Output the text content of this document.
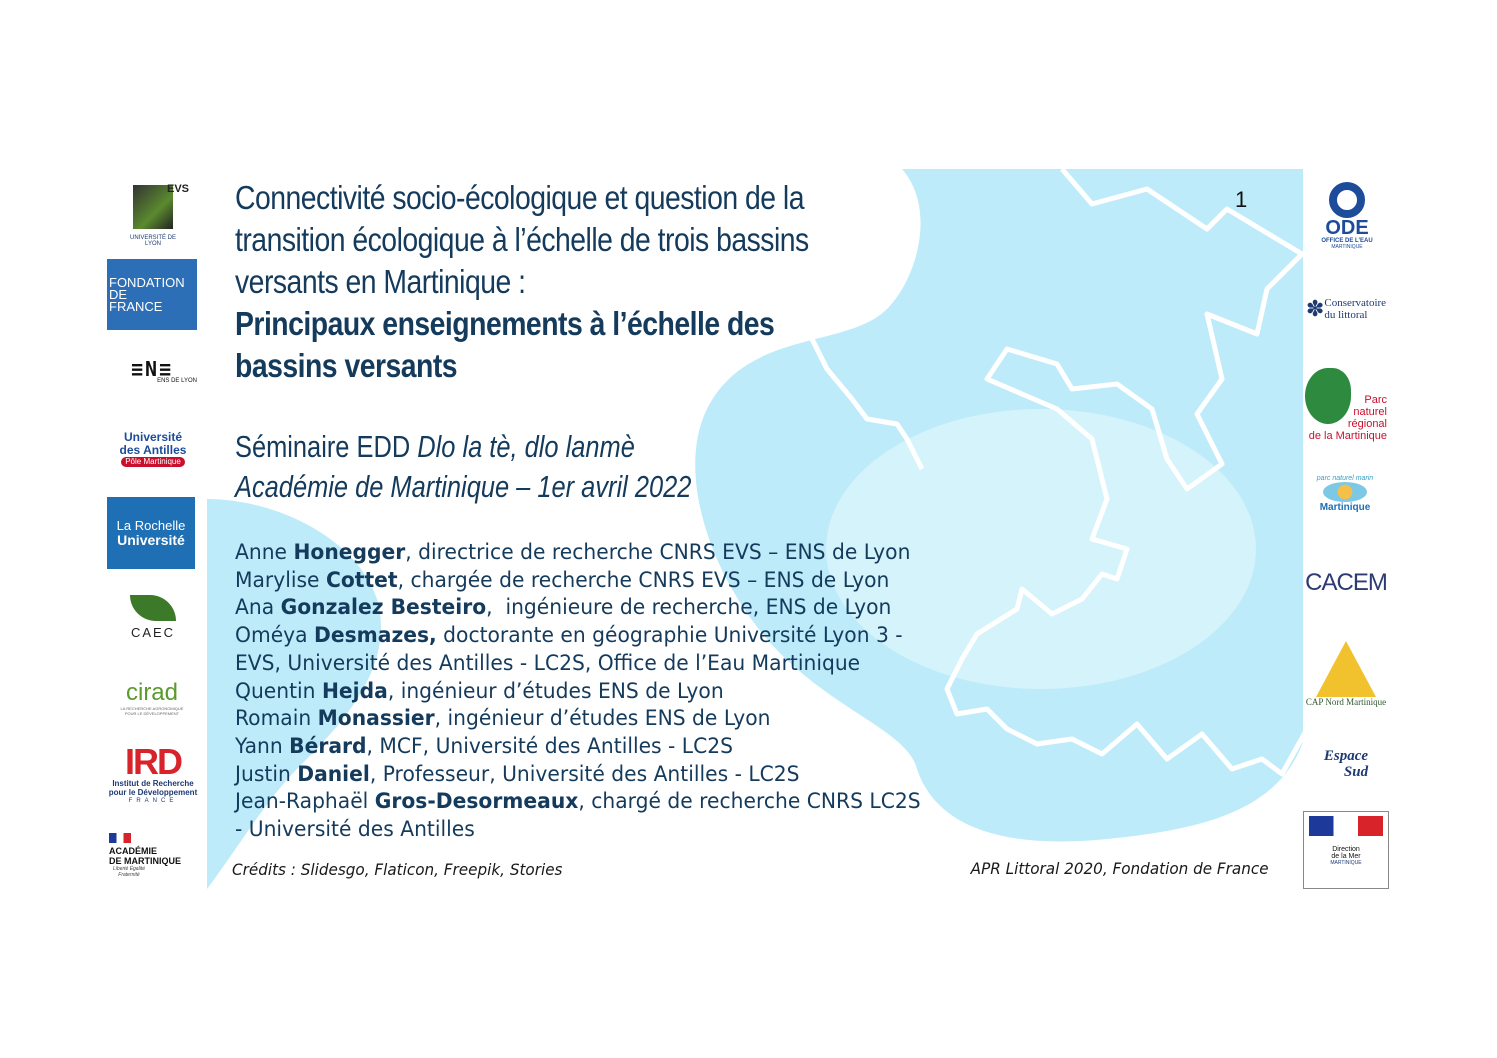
EVS
UNIVERSITÉ DE LYON
FONDATION
DE
FRANCE
≡N≡
ENS DE LYON
Université
des Antilles
Pôle Martinique
La Rochelle
Université
CAEC
cirad
LA RECHERCHE AGRONOMIQUE POUR LE DÉVELOPPEMENT
IRD
Institut de Recherche
pour le Développement
FRANCE
ACADÉMIE
DE MARTINIQUE
Liberté Égalité Fraternité
Connectivité socio-écologique et question de la
transition écologique à l’échelle de trois bassins
versants en Martinique :
Principaux enseignements à l’échelle des
bassins versants
1
Séminaire EDD Dlo la tè, dlo lanmè
Académie de Martinique – 1er avril 2022
Anne Honegger, directrice de recherche CNRS EVS – ENS de Lyon
Marylise Cottet, chargée de recherche CNRS EVS – ENS de Lyon
Ana Gonzalez Besteiro,  ingénieure de recherche, ENS de Lyon
Oméya Desmazes, doctorante en géographie Université Lyon 3 -
EVS, Université des Antilles - LC2S, Office de l’Eau Martinique
Quentin Hejda, ingénieur d’études ENS de Lyon
Romain Monassier, ingénieur d’études ENS de Lyon
Yann Bérard, MCF, Université des Antilles - LC2S
Justin Daniel, Professeur, Université des Antilles - LC2S
Jean-Raphaël Gros-Desormeaux, chargé de recherche CNRS LC2S
- Université des Antilles
Crédits : Slidesgo, Flaticon, Freepik, Stories	APR Littoral 2020, Fondation de France
ODE
OFFICE DE L’EAU
MARTINIQUE
✽ Conservatoire
du littoral
Parc
naturel
régional
de la Martinique
parc naturel marin
Martinique
CACEM
CAP Nord Martinique
Espace
Sud
Direction
de la Mer
MARTINIQUE
